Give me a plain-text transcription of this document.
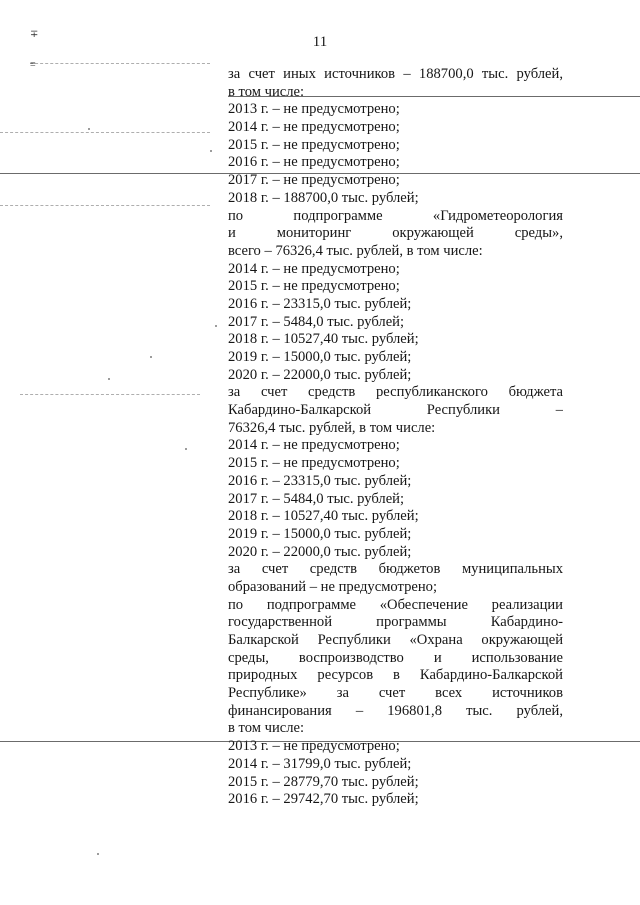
11
за счет иных источников – 188700,0 тыс. рублей,
в том числе:
2013 г. – не предусмотрено;
2014 г. – не предусмотрено;
2015 г. – не предусмотрено;
2016 г. – не предусмотрено;
2017 г. – не предусмотрено;
2018 г. – 188700,0 тыс. рублей;
по подпрограмме «Гидрометеорология
и мониторинг окружающей среды»,
всего – 76326,4 тыс. рублей, в том числе:
2014 г. – не предусмотрено;
2015 г. – не предусмотрено;
2016 г. – 23315,0 тыс. рублей;
2017 г. – 5484,0 тыс. рублей;
2018 г. – 10527,40 тыс. рублей;
2019 г. – 15000,0 тыс. рублей;
2020 г. – 22000,0 тыс. рублей;
за счет средств республиканского бюджета
Кабардино-Балкарской Республики –
76326,4 тыс. рублей, в том числе:
2014 г. – не предусмотрено;
2015 г. – не предусмотрено;
2016 г. – 23315,0 тыс. рублей;
2017 г. – 5484,0 тыс. рублей;
2018 г. – 10527,40 тыс. рублей;
2019 г. – 15000,0 тыс. рублей;
2020 г. – 22000,0 тыс. рублей;
за счет средств бюджетов муниципальных
образований – не предусмотрено;
по подпрограмме «Обеспечение реализации
государственной программы Кабардино-
Балкарской Республики «Охрана окружающей
среды, воспроизводство и использование
природных ресурсов в Кабардино-Балкарской
Республике» за счет всех источников
финансирования – 196801,8 тыс. рублей,
в том числе:
2013 г. – не предусмотрено;
2014 г. – 31799,0 тыс. рублей;
2015 г. – 28779,70 тыс. рублей;
2016 г. – 29742,70 тыс. рублей;
∓
≡
